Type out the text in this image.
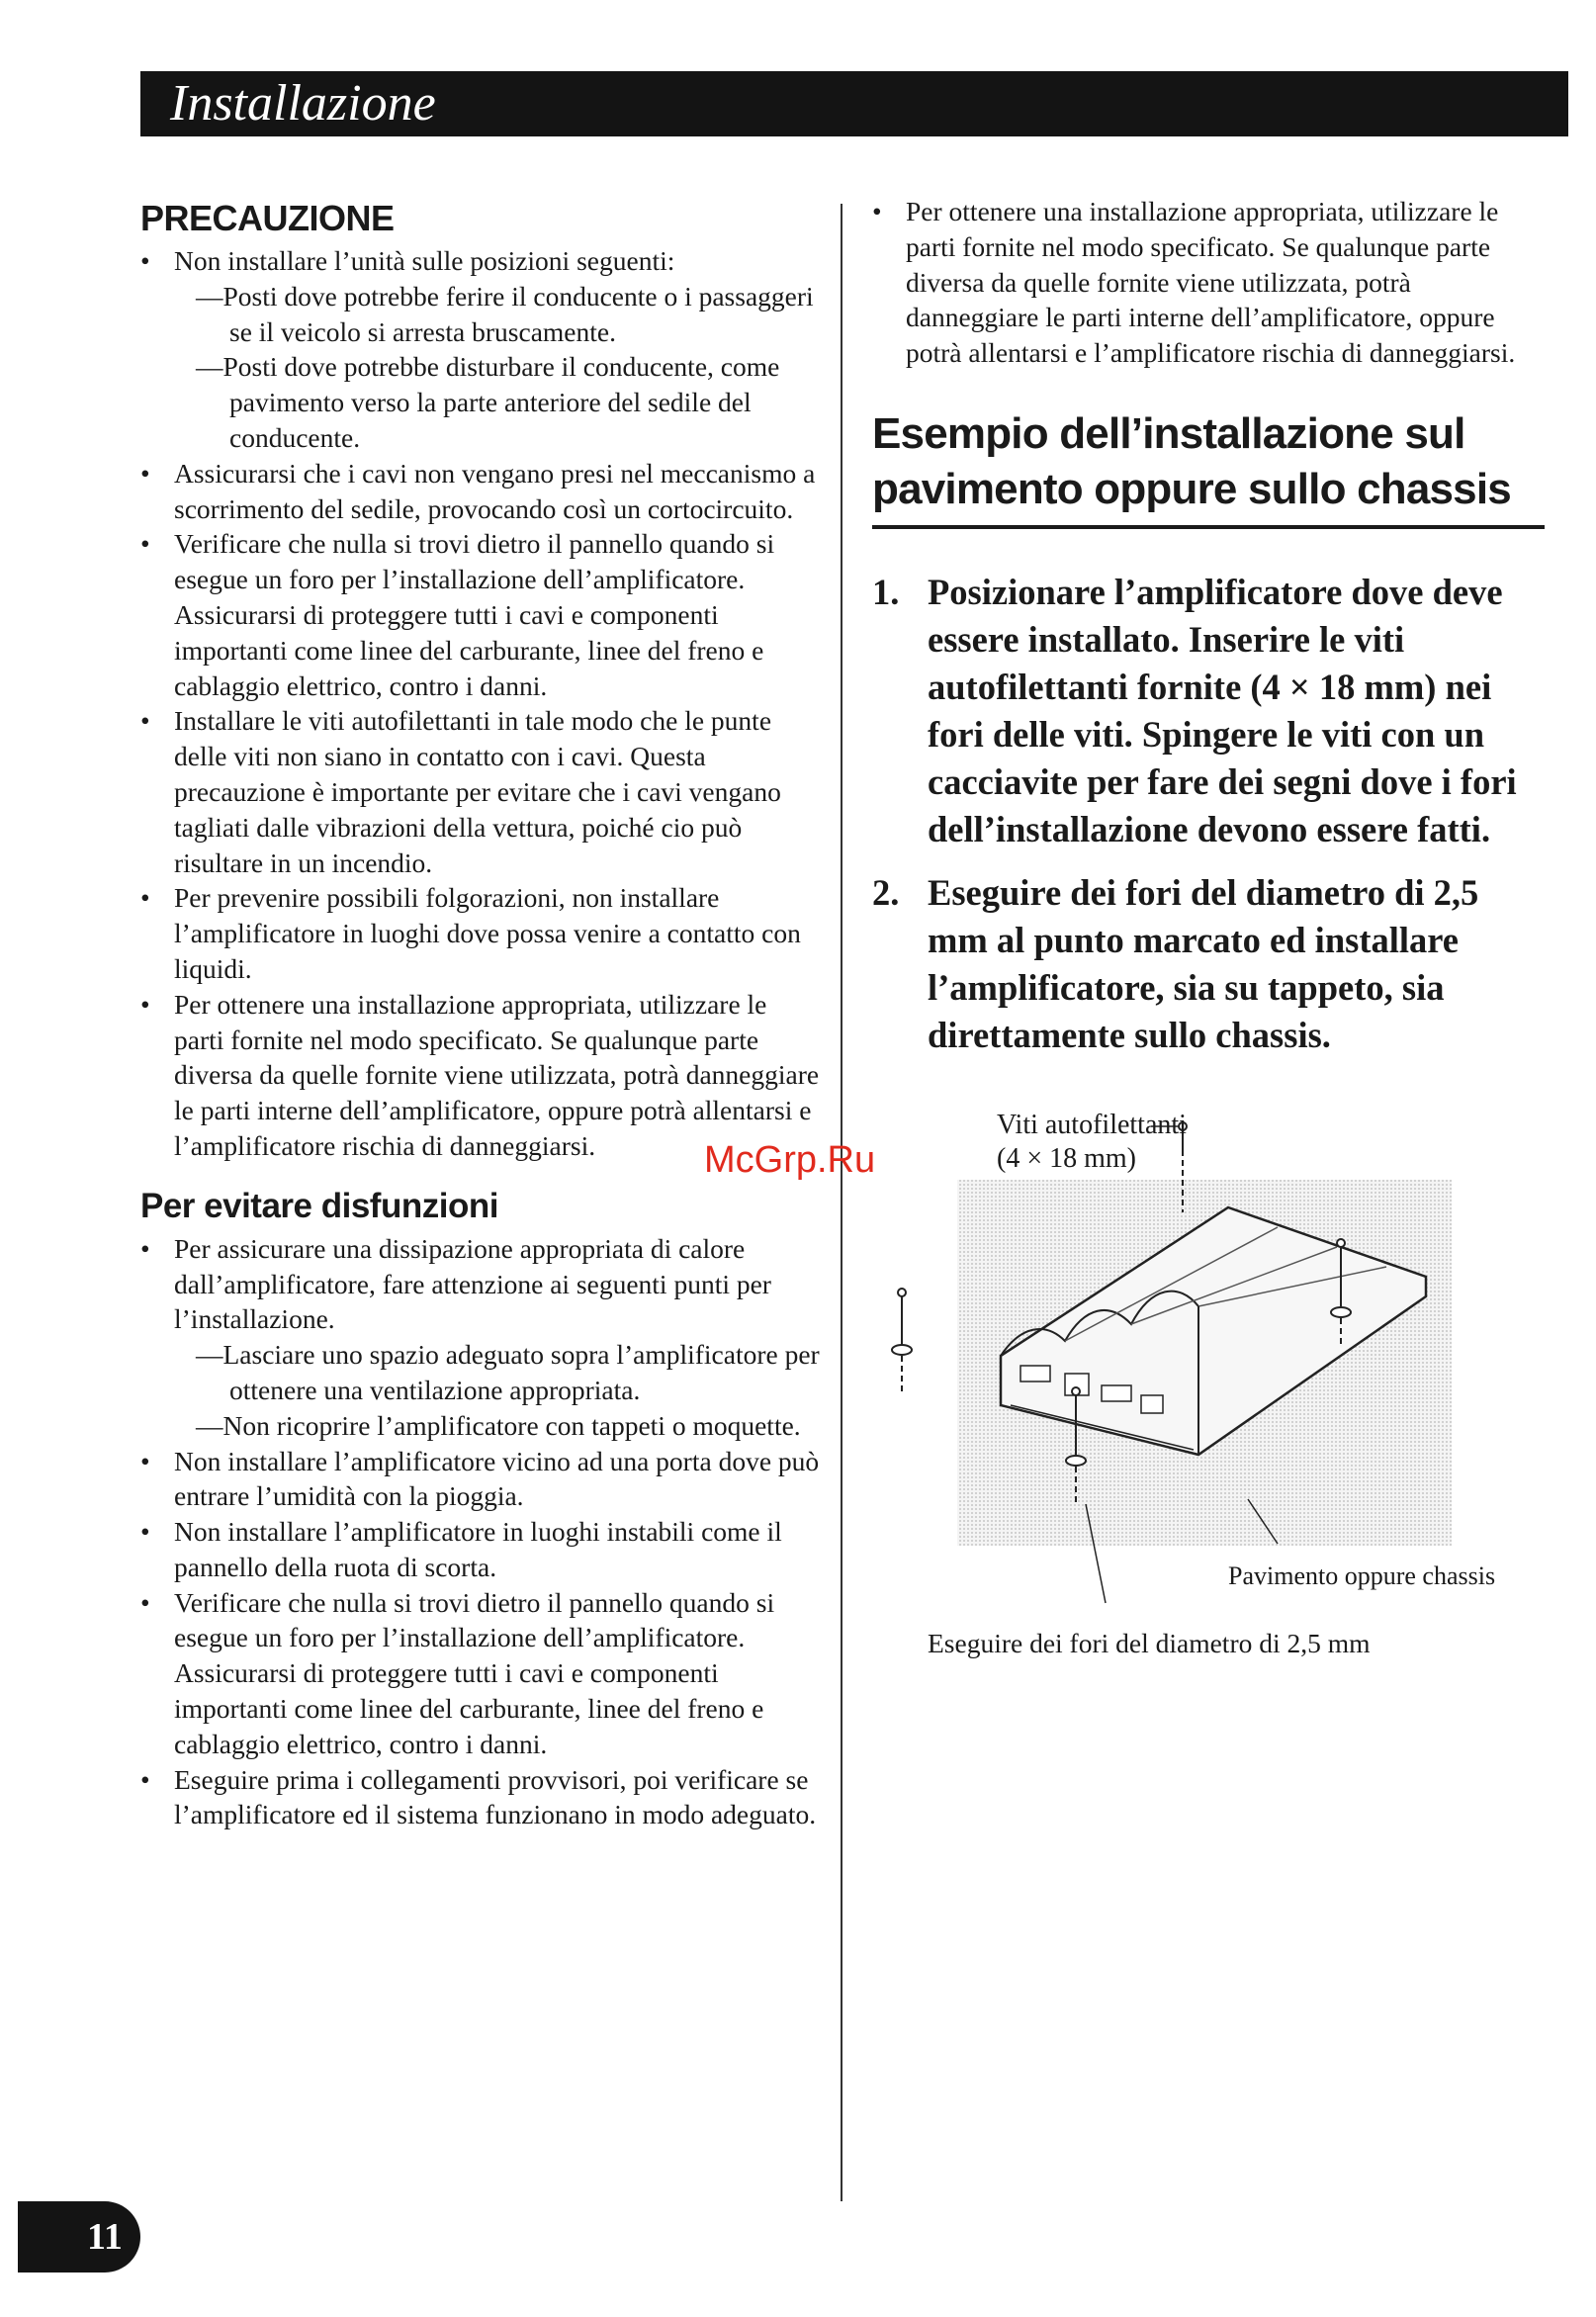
Installazione
PRECAUZIONE
• Non installare l’unità sulle posizioni seguenti:
—Posti dove potrebbe ferire il conducente o i passaggeri se il veicolo si arresta bruscamente.
—Posti dove potrebbe disturbare il conducente, come pavimento verso la parte anteriore del sedile del conducente.
• Assicurarsi che i cavi non vengano presi nel meccanismo a scorrimento del sedile, provocando così un cortocircuito.
• Verificare che nulla si trovi dietro il pannello quando si esegue un foro per l’installazione dell’amplificatore. Assicurarsi di proteggere tutti i cavi e componenti importanti come linee del carburante, linee del freno e cablaggio elettrico, contro i danni.
• Installare le viti autofilettanti in tale modo che le punte delle viti non siano in contatto con i cavi. Questa precauzione è importante per evitare che i cavi vengano tagliati dalle vibrazioni della vettura, poiché cio può risultare in un incendio.
• Per prevenire possibili folgorazioni, non installare l’amplificatore in luoghi dove possa venire a contatto con liquidi.
• Per ottenere una installazione appropriata, utilizzare le parti fornite nel modo specificato. Se qualunque parte diversa da quelle fornite viene utilizzata, potrà danneggiare le parti interne dell’amplificatore, oppure potrà allentarsi e l’amplificatore rischia di danneggiarsi.
Per evitare disfunzioni
• Per assicurare una dissipazione appropriata di calore dall’amplificatore, fare attenzione ai seguenti punti per l’installazione.
—Lasciare uno spazio adeguato sopra l’amplificatore per ottenere una ventilazione appropriata.
—Non ricoprire l’amplificatore con tappeti o moquette.
• Non installare l’amplificatore vicino ad una porta dove può entrare l’umidità con la pioggia.
• Non installare l’amplificatore in luoghi instabili come il pannello della ruota di scorta.
• Verificare che nulla si trovi dietro il pannello quando si esegue un foro per l’installazione dell’amplificatore. Assicurarsi di proteggere tutti i cavi e componenti importanti come linee del carburante, linee del freno e cablaggio elettrico, contro i danni.
• Eseguire prima i collegamenti provvisori, poi verificare se l’amplificatore ed il sistema funzionano in modo adeguato.
• Per ottenere una installazione appropriata, utilizzare le parti fornite nel modo specificato. Se qualunque parte diversa da quelle fornite viene utilizzata, potrà danneggiare le parti interne dell’amplificatore, oppure potrà allentarsi e l’amplificatore rischia di danneggiarsi.
Esempio dell’installazione sul pavimento oppure sullo chassis
1. Posizionare l’amplificatore dove deve essere installato. Inserire le viti autofilettanti fornite (4 × 18 mm) nei fori delle viti. Spingere le viti con un cacciavite per fare dei segni dove i fori dell’installazione devono essere fatti.
2. Eseguire dei fori del diametro di 2,5 mm al punto marcato ed installare l’amplificatore, sia su tappeto, sia direttamente sullo chassis.
Viti autofilettanti
(4 × 18 mm)
Pavimento oppure chassis
Eseguire dei fori del diametro di 2,5 mm
McGrp.Ru
11
